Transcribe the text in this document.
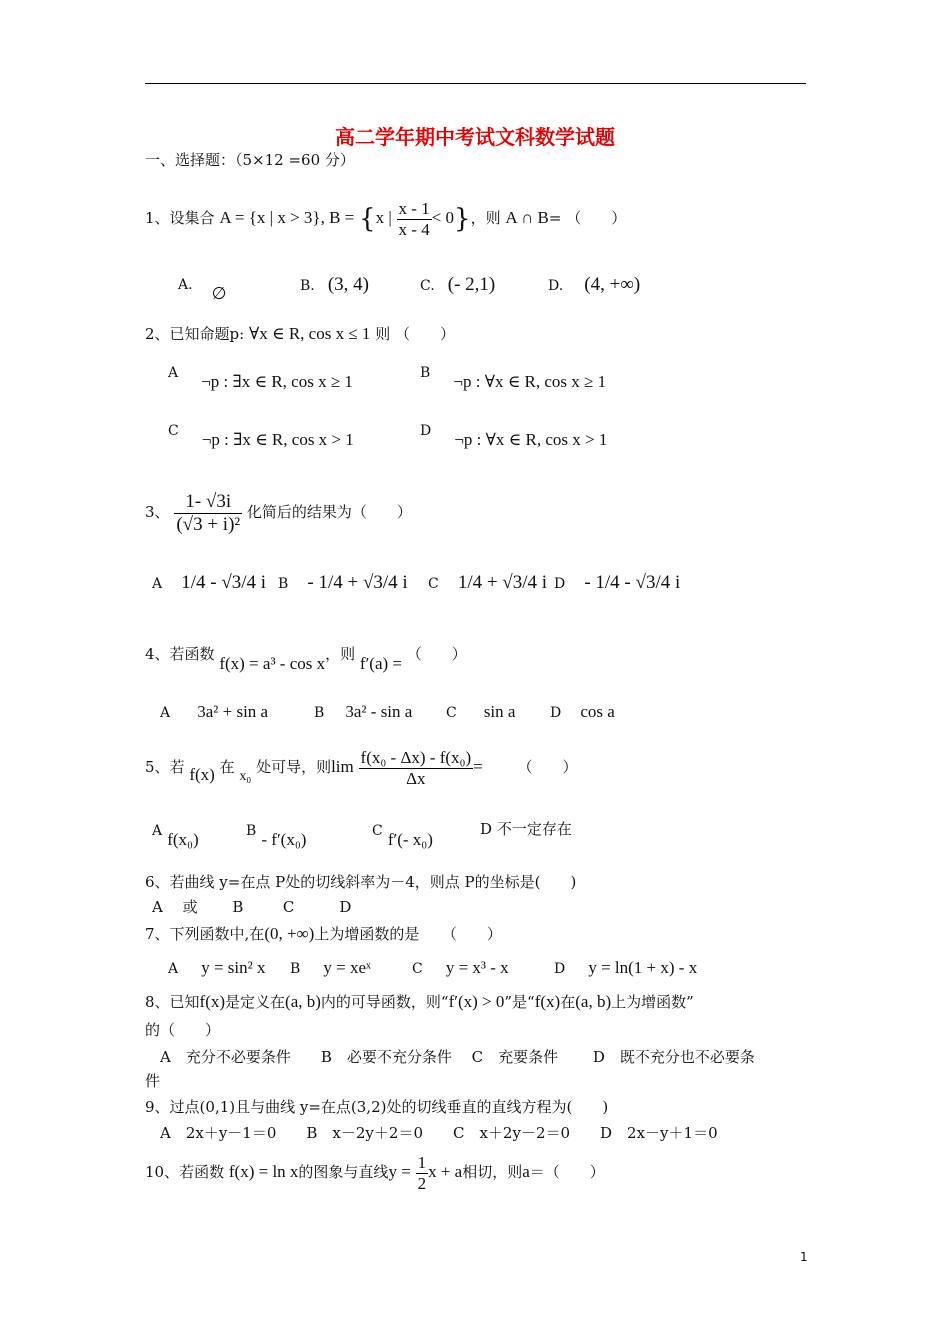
高二学年期中考试文科数学试题
一、选择题：（5×12 =60 分）
1、设集合 A = {x | x > 3}, B = {x | $\frac{x - 1}{x - 4} < 0$}，则 A ∩ B= （　　）
A. ∅	B. (3, 4)	C. (- 2,1)	D. (4, +∞)
2、已知命题p: ∀x ∈ R, cos x ≤ 1 则 （　　）
A ¬p : ∃x ∈ R, cos x ≥ 1	B ¬p : ∀x ∈ R, cos x ≥ 1
C ¬p : ∃x ∈ R, cos x > 1	D ¬p : ∀x ∈ R, cos x > 1
3、 $\frac{1- √3i}{\text{(√3 + i)²}}$ 化简后的结果为（　　）
A 1/4 - √3/4 i B - 1/4 + √3/4 i C 1/4 + √3/4 i D - 1/4 - √3/4 i
4、若函数 f(x) = a³ - cos x，则 f′(a) = （　　）
A 3a² + sin a	B 3a² - sin a C sin a D cos a
5、若 f(x) 在 x₀ 处可导，则$\lim \frac{\text{f(x₀ - Δx) - f(x₀)}}{\Delta x}$ = （　　）
A f(x₀)	B - f′(x₀)	C f′(- x₀)
D 不一定存在
6、若曲线 y=在点 P处的切线斜率为－4，则点 P的坐标是(　　)
A　 或　 　B　 　 C　　　D
7、下列函数中,在(0, +∞)上为增函数的是　　（　　）
A y = sin² x B y = xeˣ	C y = x³ - x	D y = ln(1 + x) - x
8、已知f(x)是定义在(a, b)内的可导函数，则“f′(x) > 0”是“f(x)在(a, b)上为增函数”
的（　　）
A　充分不必要条件　　B　必要不充分条件　 C　充要条件　　 D　既不充分也不必要条
件
9、过点(0,1)且与曲线 y=在点(3,2)处的切线垂直的直线方程为(　　)
A　2x＋y－1＝0　　B　x－2y＋2＝0　　C　x＋2y－2＝0　　D　2x－y＋1＝0
10、若函数 f(x) = ln x的图象与直线$y = \frac{1}{2}$ x + a相切，则a＝（　　）
1
